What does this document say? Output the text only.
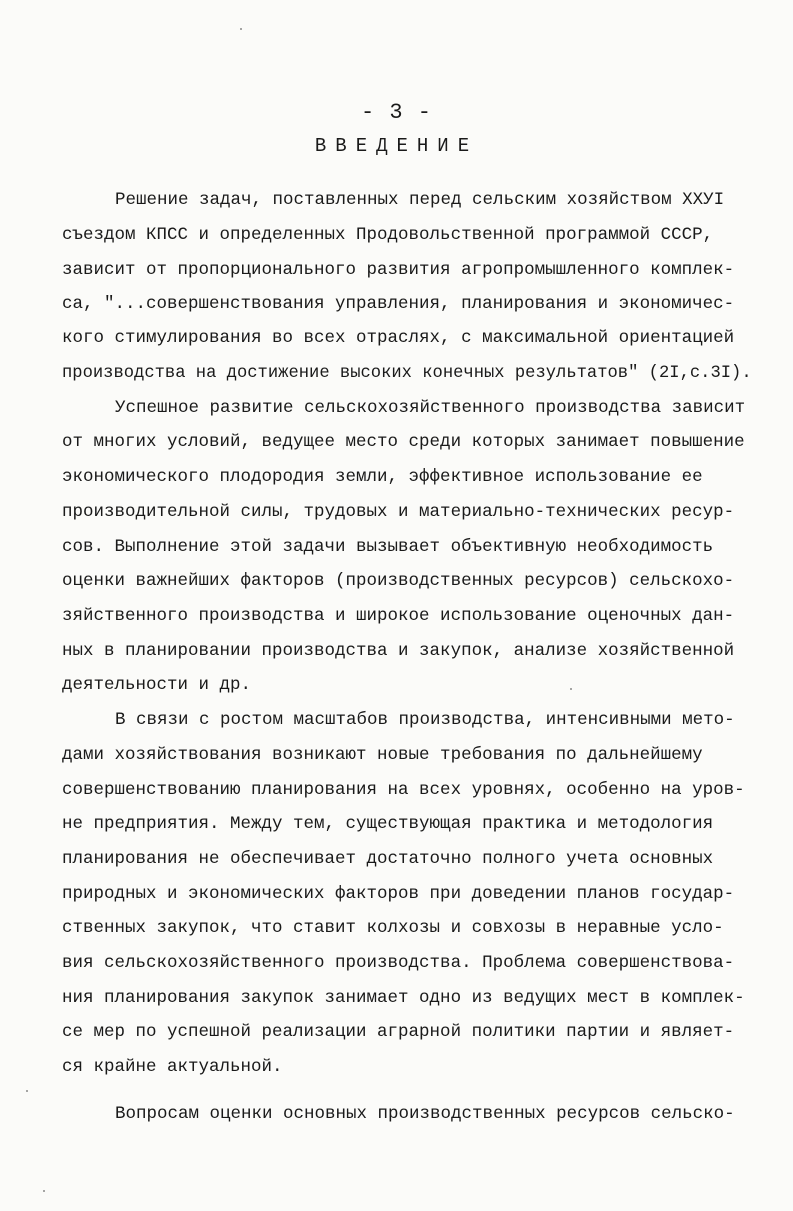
- 3 -
ВВЕДЕНИЕ
Решение задач, поставленных перед сельским хозяйством ХХУI
съездом КПСС и определенных Продовольственной программой СССР,
зависит от пропорционального развития агропромышленного комплек-
са, "...совершенствования управления, планирования и экономичес-
кого стимулирования во всех отраслях, с максимальной ориентацией
производства на достижение высоких конечных результатов" (2I,с.3I).
Успешное развитие сельскохозяйственного производства зависит
от многих условий, ведущее место среди которых занимает повышение
экономического плодородия земли, эффективное использование ее
производительной силы, трудовых и материально-технических ресур-
сов. Выполнение этой задачи вызывает объективную необходимость
оценки важнейших факторов (производственных ресурсов) сельскохо-
зяйственного производства и широкое использование оценочных дан-
ных в планировании производства и закупок, анализе хозяйственной
деятельности и др.
В связи с ростом масштабов производства, интенсивными мето-
дами хозяйствования возникают новые требования по дальнейшему
совершенствованию планирования на всех уровнях, особенно на уров-
не предприятия. Между тем, существующая практика и методология
планирования не обеспечивает достаточно полного учета основных
природных и экономических факторов при доведении планов государ-
ственных закупок, что ставит колхозы и совхозы в неравные усло-
вия сельскохозяйственного производства. Проблема совершенствова-
ния планирования закупок занимает одно из ведущих мест в комплек-
се мер по успешной реализации аграрной политики партии и являет-
ся крайне актуальной.
Вопросам оценки основных производственных ресурсов сельско-
